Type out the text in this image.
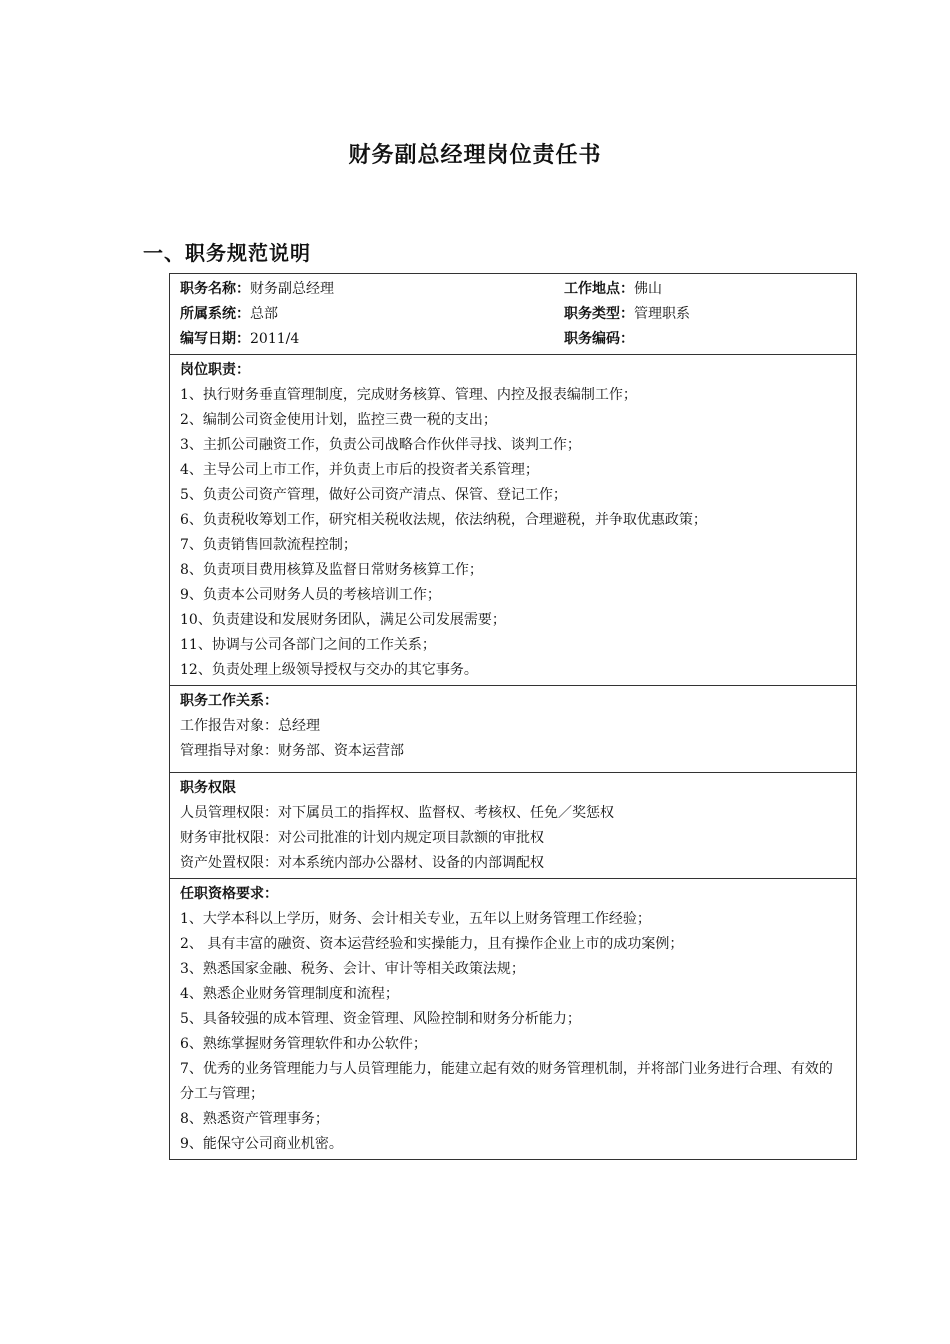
财务副总经理岗位责任书
一、职务规范说明
职务名称：财务副总经理	工作地点：佛山
所属系统：总部	职务类型：管理职系
编写日期：2011/4	职务编码：
岗位职责：
1、执行财务垂直管理制度，完成财务核算、管理、内控及报表编制工作；
2、编制公司资金使用计划，监控三费一税的支出；
3、主抓公司融资工作，负责公司战略合作伙伴寻找、谈判工作；
4、主导公司上市工作，并负责上市后的投资者关系管理；
5、负责公司资产管理，做好公司资产清点、保管、登记工作；
6、负责税收筹划工作，研究相关税收法规，依法纳税，合理避税，并争取优惠政策；
7、负责销售回款流程控制；
8、负责项目费用核算及监督日常财务核算工作；
9、负责本公司财务人员的考核培训工作；
10、负责建设和发展财务团队，满足公司发展需要；
11、协调与公司各部门之间的工作关系；
12、负责处理上级领导授权与交办的其它事务。
职务工作关系：
工作报告对象：总经理
管理指导对象：财务部、资本运营部
职务权限
人员管理权限：对下属员工的指挥权、监督权、考核权、任免／奖惩权
财务审批权限：对公司批准的计划内规定项目款额的审批权
资产处置权限：对本系统内部办公器材、设备的内部调配权
任职资格要求：
1、大学本科以上学历，财务、会计相关专业，五年以上财务管理工作经验；
2、 具有丰富的融资、资本运营经验和实操能力，且有操作企业上市的成功案例；
3、熟悉国家金融、税务、会计、审计等相关政策法规；
4、熟悉企业财务管理制度和流程；
5、具备较强的成本管理、资金管理、风险控制和财务分析能力；
6、熟练掌握财务管理软件和办公软件；
7、优秀的业务管理能力与人员管理能力，能建立起有效的财务管理机制，并将部门业务进行合理、有效的分工与管理；
8、熟悉资产管理事务；
9、能保守公司商业机密。
